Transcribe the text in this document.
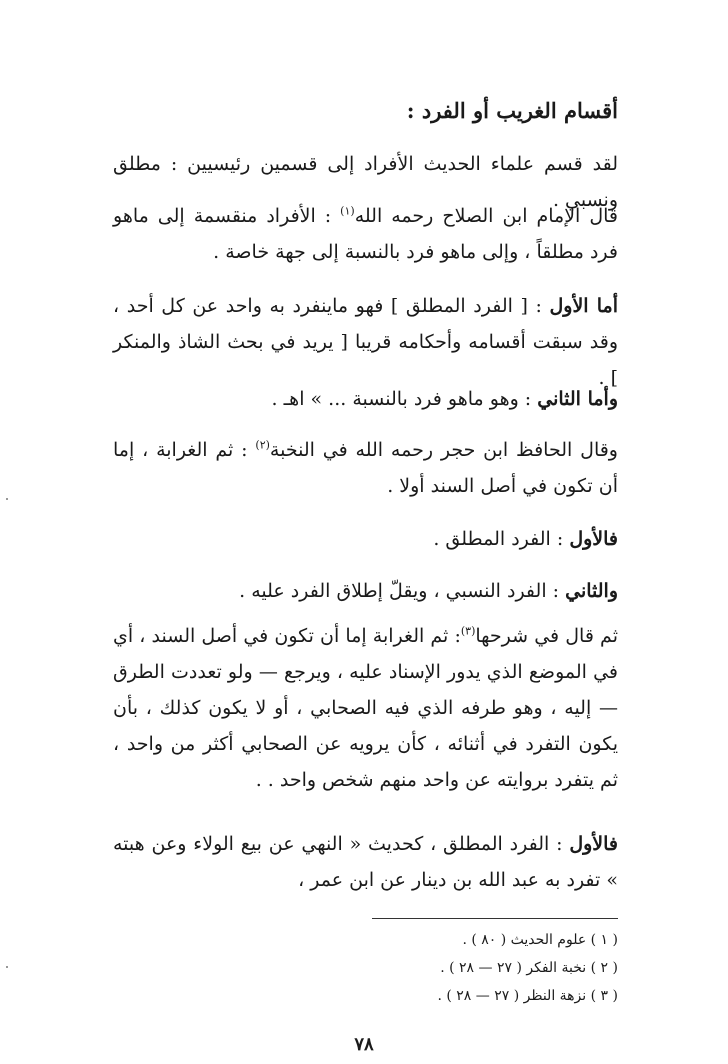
أقسام الغريب أو الفرد :
لقد قسم علماء الحديث الأفراد إلى قسمين رئيسيين : مطلق ونسبي .
قال الإمام ابن الصلاح رحمه الله$^{(١)}$ : الأفراد منقسمة إلى ماهو فرد مطلقاً ، وإلى ماهو فرد بالنسبة إلى جهة خاصة .
أما الأول : [ الفرد المطلق ] فهو ماينفرد به واحد عن كل أحد ، وقد سبقت أقسامه وأحكامه قريبا [ يريد في بحث الشاذ والمنكر ] .
وأما الثاني : وهو ماهو فرد بالنسبة ... » اهـ .
وقال الحافظ ابن حجر رحمه الله في النخبة$^{(٢)}$ : ثم الغرابة ، إما أن تكون في أصل السند أولا .
فالأول : الفرد المطلق .
والثاني : الفرد النسبي ، ويقلّ إطلاق الفرد عليه .
ثم قال في شرحها$^{(٣)}$: ثم الغرابة إما أن تكون في أصل السند ، أي في الموضع الذي يدور الإسناد عليه ، ويرجع — ولو تعددت الطرق — إليه ، وهو طرفه الذي فيه الصحابي ، أو لا يكون كذلك ، بأن يكون التفرد في أثنائه ، كأن يرويه عن الصحابي أكثر من واحد ، ثم يتفرد بروايته عن واحد منهم شخص واحد . .
فالأول : الفرد المطلق ، كحديث « النهي عن بيع الولاء وعن هبته » تفرد به عبد الله بن دينار عن ابن عمر ،
( ١ ) علوم الحديث ( ٨٠ ) .
( ٢ ) نخبة الفكر ( ٢٧ — ٢٨ ) .
( ٣ ) نزهة النظر ( ٢٧ — ٢٨ ) .
٧٨
